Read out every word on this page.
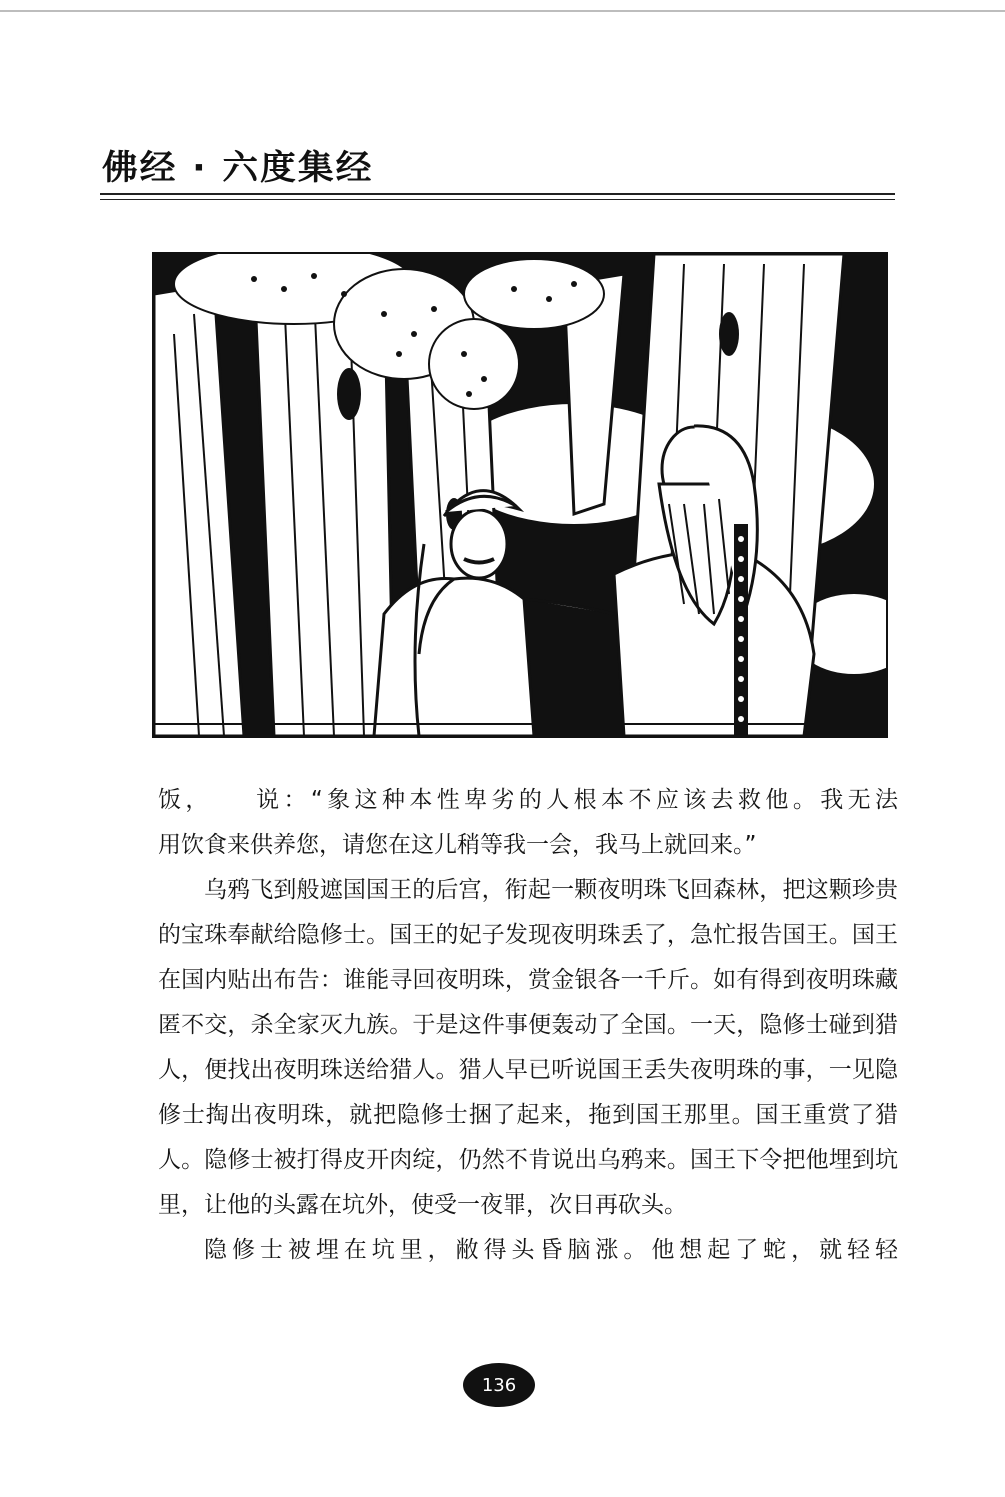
佛经 · 六度集经

饭，　　说：“象这种本性卑劣的人根本不应该去救他。我无法

用饮食来供养您，请您在这儿稍等我一会，我马上就回来。”

乌鸦飞到般遮国国王的后宫，衔起一颗夜明珠飞回森林，把这颗珍贵的宝珠奉献给隐修士。国王的妃子发现夜明珠丢了，急忙报告国王。国王在国内贴出布告：谁能寻回夜明珠，赏金银各一千斤。如有得到夜明珠藏匿不交，杀全家灭九族。于是这件事便轰动了全国。一天，隐修士碰到猎人，便找出夜明珠送给猎人。猎人早已听说国王丢失夜明珠的事，一见隐修士掏出夜明珠，就把隐修士捆了起来，拖到国王那里。国王重赏了猎人。隐修士被打得皮开肉绽，仍然不肯说出乌鸦来。国王下令把他埋到坑里，让他的头露在坑外，使受一夜罪，次日再砍头。

隐修士被埋在坑里，敝得头昏脑涨。他想起了蛇，就轻轻

136
